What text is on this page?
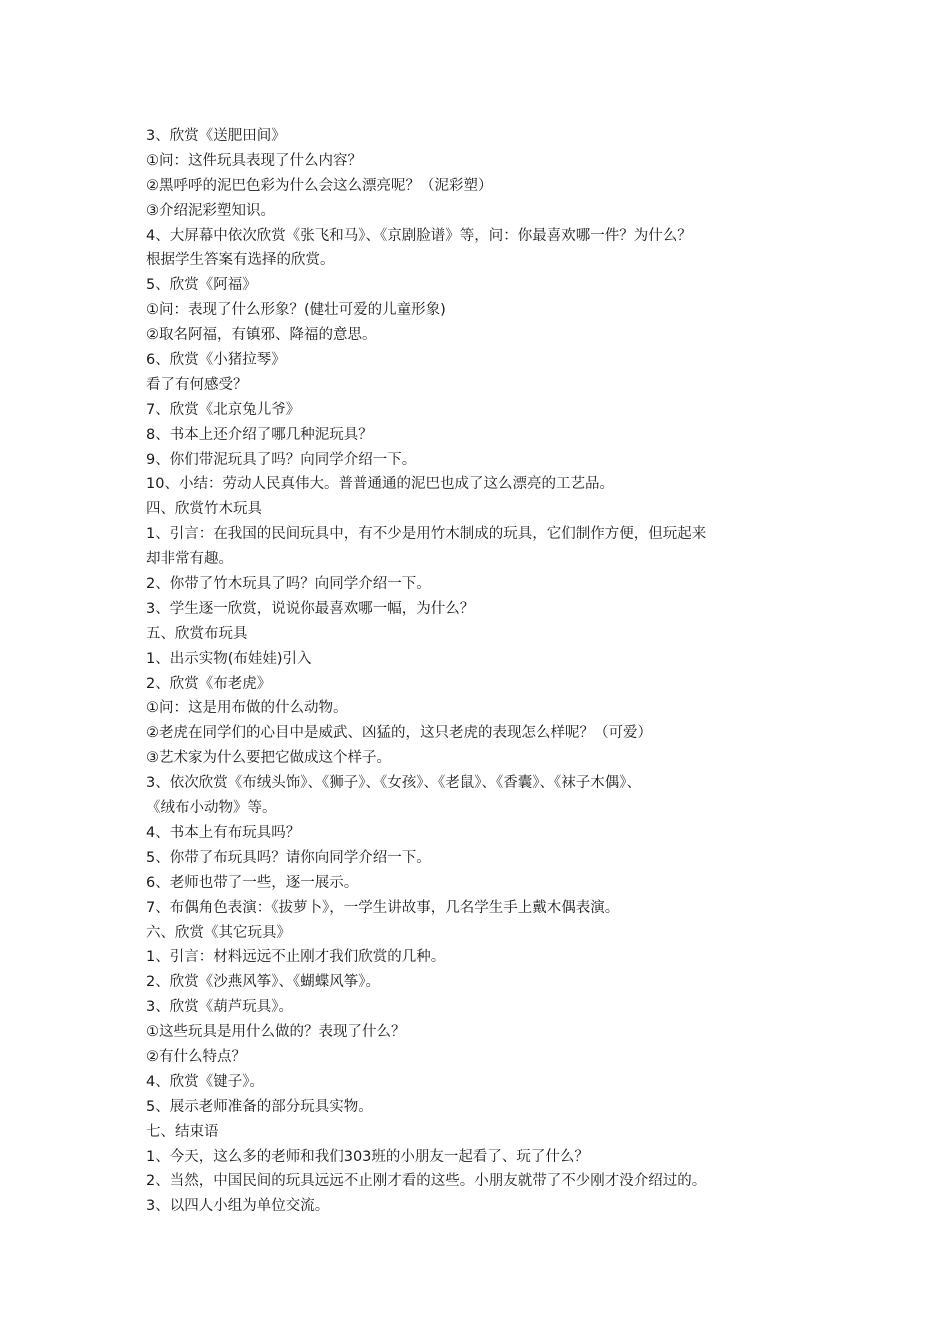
3、欣赏《送肥田间》
①问：这件玩具表现了什么内容？
②黑呼呼的泥巴色彩为什么会这么漂亮呢？（泥彩塑）
③介绍泥彩塑知识。
4、大屏幕中依次欣赏《张飞和马》、《京剧脸谱》等，问：你最喜欢哪一件？为什么？
根据学生答案有选择的欣赏。
5、欣赏《阿福》
①问：表现了什么形象？(健壮可爱的儿童形象)
②取名阿福，有镇邪、降福的意思。
6、欣赏《小猪拉琴》
看了有何感受？
7、欣赏《北京兔儿爷》
8、书本上还介绍了哪几种泥玩具？
9、你们带泥玩具了吗？向同学介绍一下。
10、小结：劳动人民真伟大。普普通通的泥巴也成了这么漂亮的工艺品。
四、欣赏竹木玩具
1、引言：在我国的民间玩具中，有不少是用竹木制成的玩具，它们制作方便，但玩起来
却非常有趣。
2、你带了竹木玩具了吗？向同学介绍一下。
3、学生逐一欣赏，说说你最喜欢哪一幅，为什么？
五、欣赏布玩具
1、出示实物(布娃娃)引入
2、欣赏《布老虎》
①问：这是用布做的什么动物。
②老虎在同学们的心目中是威武、凶猛的，这只老虎的表现怎么样呢？（可爱）
③艺术家为什么要把它做成这个样子。
3、依次欣赏《布绒头饰》、《狮子》、《女孩》、《老鼠》、《香囊》、《袜子木偶》、
《绒布小动物》等。
4、书本上有布玩具吗？
5、你带了布玩具吗？请你向同学介绍一下。
6、老师也带了一些，逐一展示。
7、布偶角色表演：《拔萝卜》，一学生讲故事，几名学生手上戴木偶表演。
六、欣赏《其它玩具》
1、引言：材料远远不止刚才我们欣赏的几种。
2、欣赏《沙燕风筝》、《蝴蝶风筝》。
3、欣赏《葫芦玩具》。
①这些玩具是用什么做的？表现了什么？
②有什么特点？
4、欣赏《键子》。
5、展示老师准备的部分玩具实物。
七、结束语
1、今天，这么多的老师和我们303班的小朋友一起看了、玩了什么？
2、当然，中国民间的玩具远远不止刚才看的这些。小朋友就带了不少刚才没介绍过的。
3、以四人小组为单位交流。
